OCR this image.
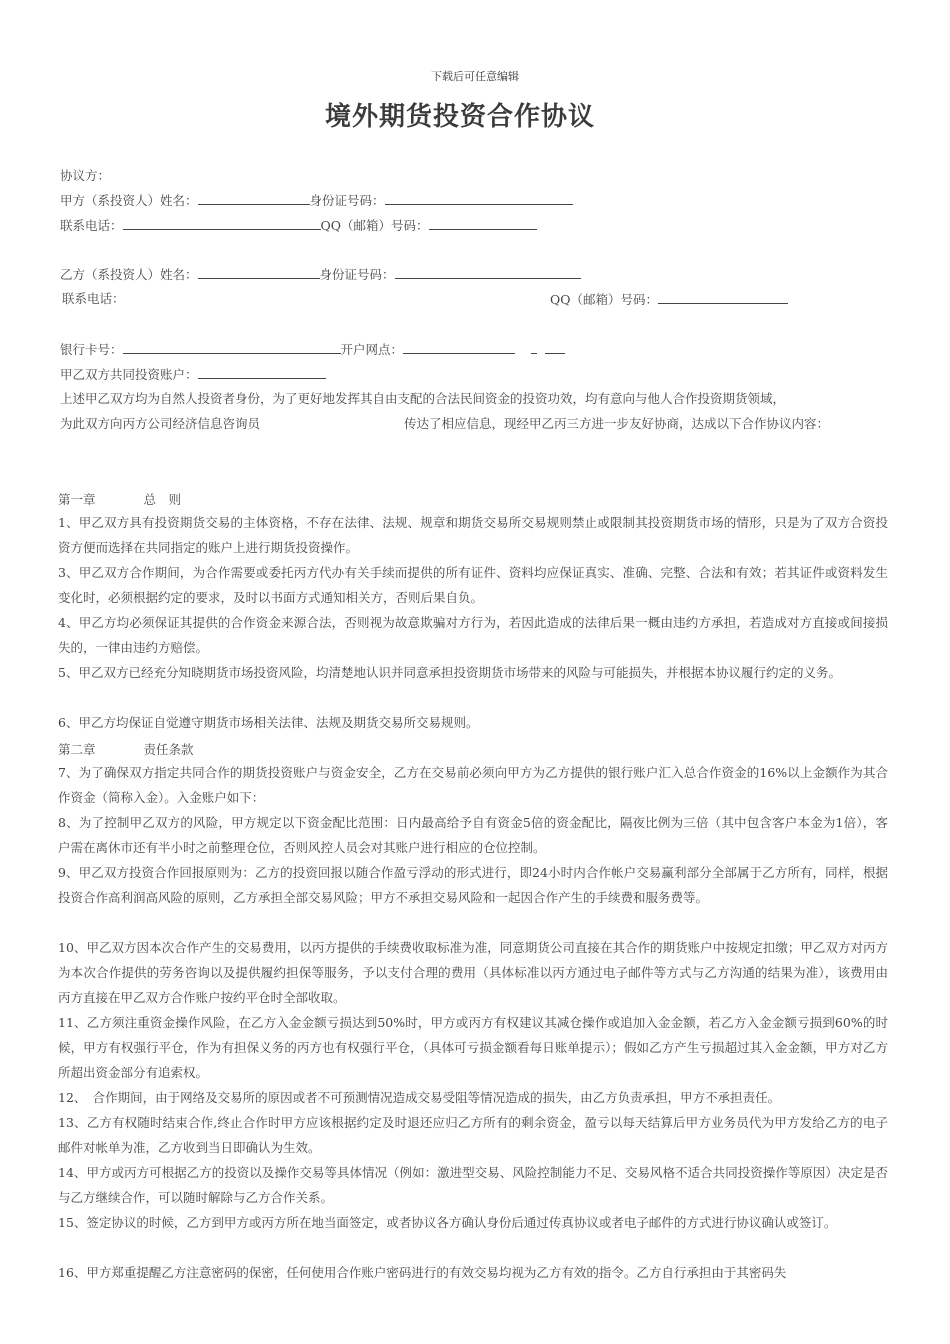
下载后可任意编辑
境外期货投资合作协议
协议方：
甲方（系投资人）姓名：	身份证号码：
联系电话：	QQ（邮箱）号码：
乙方（系投资人）姓名：	身份证号码：
联系电话：	QQ（邮箱）号码：
银行卡号：	开户网点：
甲乙双方共同投资账户：
上述甲乙双方均为自然人投资者身份，为了更好地发挥其自由支配的合法民间资金的投资功效，均有意向与他人合作投资期货领域，
为此双方向丙方公司经济信息咨询员	传达了相应信息，现经甲乙丙三方进一步友好协商，达成以下合作协议内容：
第一章	总　则
1、甲乙双方具有投资期货交易的主体资格，不存在法律、法规、规章和期货交易所交易规则禁止或限制其投资期货市场的情形，只是为了双方合资投资方便而选择在共同指定的账户上进行期货投资操作。
3、甲乙双方合作期间，为合作需要或委托丙方代办有关手续而提供的所有证件、资料均应保证真实、准确、完整、合法和有效；若其证件或资料发生变化时，必须根据约定的要求，及时以书面方式通知相关方，否则后果自负。
4、甲乙方均必须保证其提供的合作资金来源合法，否则视为故意欺骗对方行为，若因此造成的法律后果一概由违约方承担，若造成对方直接或间接损失的，一律由违约方赔偿。
5、甲乙双方已经充分知晓期货市场投资风险，均清楚地认识并同意承担投资期货市场带来的风险与可能损失，并根据本协议履行约定的义务。
6、甲乙方均保证自觉遵守期货市场相关法律、法规及期货交易所交易规则。
第二章	责任条款
7、为了确保双方指定共同合作的期货投资账户与资金安全，乙方在交易前必须向甲方为乙方提供的银行账户汇入总合作资金的16%以上金额作为其合作资金（简称入金）。入金账户如下：
8、为了控制甲乙双方的风险，甲方规定以下资金配比范围：日内最高给予自有资金5倍的资金配比，隔夜比例为三倍（其中包含客户本金为1倍），客户需在离休市还有半小时之前整理仓位，否则风控人员会对其账户进行相应的仓位控制。
9、甲乙双方投资合作回报原则为：乙方的投资回报以随合作盈亏浮动的形式进行，即24小时内合作帐户交易赢利部分全部属于乙方所有，同样，根据投资合作高利润高风险的原则，乙方承担全部交易风险；甲方不承担交易风险和一起因合作产生的手续费和服务费等。
10、甲乙双方因本次合作产生的交易费用，以丙方提供的手续费收取标准为准，同意期货公司直接在其合作的期货账户中按规定扣缴；甲乙双方对丙方为本次合作提供的劳务咨询以及提供履约担保等服务，予以支付合理的费用（具体标准以丙方通过电子邮件等方式与乙方沟通的结果为准），该费用由丙方直接在甲乙双方合作账户按约平仓时全部收取。
11、乙方须注重资金操作风险，在乙方入金金额亏损达到50%时，甲方或丙方有权建议其减仓操作或追加入金金额，若乙方入金金额亏损到60%的时候，甲方有权强行平仓，作为有担保义务的丙方也有权强行平仓，（具体可亏损金额看每日账单提示）；假如乙方产生亏损超过其入金金额，甲方对乙方所超出资金部分有追索权。
12、　合作期间，由于网络及交易所的原因或者不可预测情况造成交易受阻等情况造成的损失，由乙方负责承担，甲方不承担责任。
13、乙方有权随时结束合作,终止合作时甲方应该根据约定及时退还应归乙方所有的剩余资金，盈亏以每天结算后甲方业务员代为甲方发给乙方的电子邮件对帐单为准，乙方收到当日即确认为生效。
14、甲方或丙方可根据乙方的投资以及操作交易等具体情况（例如：激进型交易、风险控制能力不足、交易风格不适合共同投资操作等原因）决定是否与乙方继续合作，可以随时解除与乙方合作关系。
15、签定协议的时候，乙方到甲方或丙方所在地当面签定，或者协议各方确认身份后通过传真协议或者电子邮件的方式进行协议确认或签订。
16、甲方郑重提醒乙方注意密码的保密，任何使用合作账户密码进行的有效交易均视为乙方有效的指令。乙方自行承担由于其密码失
